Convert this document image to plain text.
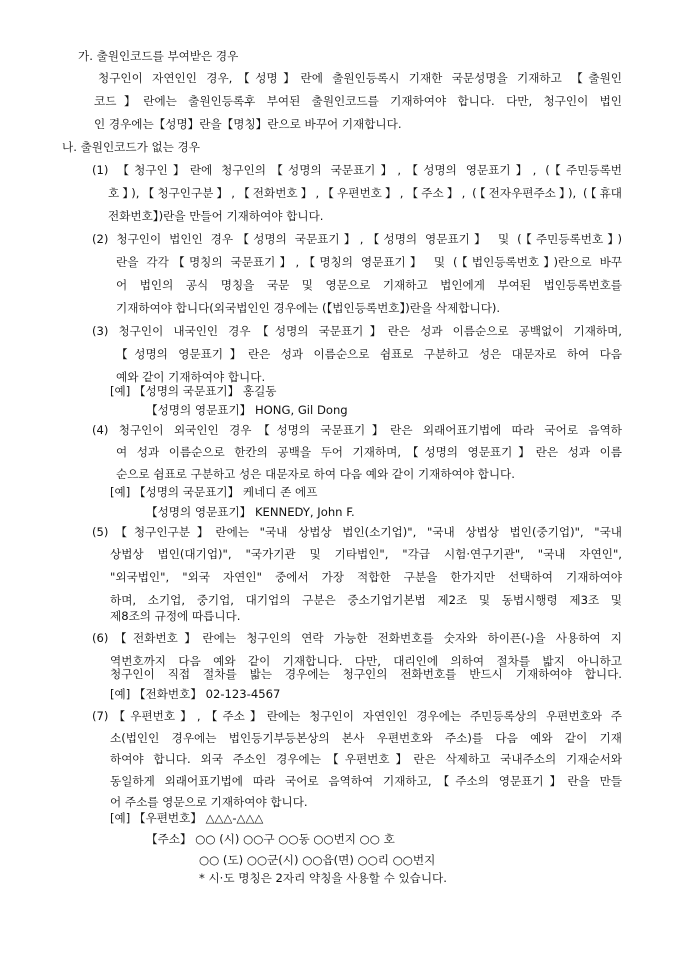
가. 출원인코드를 부여받은 경우
청구인이 자연인인 경우,【성명】란에 출원인등록시 기재한 국문성명을 기재하고 【출원인
코드】란에는 출원인등록후 부여된 출원인코드를 기재하여야 합니다. 다만, 청구인이 법인
인 경우에는【성명】란을【명칭】란으로 바꾸어 기재합니다.
나. 출원인코드가 없는 경우
(1) 【청구인】란에 청구인의【성명의 국문표기】,【성명의 영문표기】, (【주민등록번
호】),【청구인구분】,【전화번호】,【우편번호】,【주소】, (【전자우편주소】), (【휴대
전화번호】)란을 만들어 기재하여야 합니다.
(2) 청구인이 법인인 경우【성명의 국문표기】,【성명의 영문표기】 및 (【주민등록번호】)
란을 각각【명칭의 국문표기】,【명칭의 영문표기】 및 (【법인등록번호】)란으로 바꾸
어 법인의 공식 명칭을 국문 및 영문으로 기재하고 법인에게 부여된 법인등록번호를
기재하여야 합니다(외국법인인 경우에는 (【법인등록번호】)란을 삭제합니다).
(3) 청구인이 내국인인 경우【성명의 국문표기】란은 성과 이름순으로 공백없이 기재하며,
【성명의 영문표기】란은 성과 이름순으로 쉼표로 구분하고 성은 대문자로 하여 다음
예와 같이 기재하여야 합니다.
[예] 【성명의 국문표기】 홍길동
【성명의 영문표기】 HONG, Gil Dong
(4) 청구인이 외국인인 경우【성명의 국문표기】란은 외래어표기법에 따라 국어로 음역하
여 성과 이름순으로 한칸의 공백을 두어 기재하며,【성명의 영문표기】란은 성과 이름
순으로 쉼표로 구분하고 성은 대문자로 하여 다음 예와 같이 기재하여야 합니다.
[예] 【성명의 국문표기】 케네디 존 에프
【성명의 영문표기】 KENNEDY, John F.
(5)【청구인구분】란에는 "국내 상법상 법인(소기업)", "국내 상법상 법인(중기업)", "국내
상법상 법인(대기업)", "국가기관 및 기타법인", "각급 시험·연구기관", "국내 자연인",
"외국법인", "외국 자연인" 중에서 가장 적합한 구분을 한가지만 선택하여 기재하여야
하며, 소기업, 중기업, 대기업의 구분은 중소기업기본법 제2조 및 동법시행령 제3조 및
제8조의 규정에 따릅니다.
(6)【전화번호】란에는 청구인의 연락 가능한 전화번호를 숫자와 하이픈(-)을 사용하여 지
역번호까지 다음 예와 같이 기재합니다. 다만, 대리인에 의하여 절차를 밟지 아니하고
청구인이 직접 절차를 밟는 경우에는 청구인의 전화번호를 반드시 기재하여야 합니다.
[예] 【전화번호】 02-123-4567
(7)【우편번호】,【주소】란에는 청구인이 자연인인 경우에는 주민등록상의 우편번호와 주
소(법인인 경우에는 법인등기부등본상의 본사 우편번호와 주소)를 다음 예와 같이 기재
하여야 합니다. 외국 주소인 경우에는【우편번호】란은 삭제하고 국내주소의 기재순서와
동일하게 외래어표기법에 따라 국어로 음역하여 기재하고,【주소의 영문표기】란을 만들
어 주소를 영문으로 기재하여야 합니다.
[예] 【우편번호】 △△△-△△△
【주소】 ○○ (시) ○○구 ○○동 ○○번지 ○○ 호
○○ (도) ○○군(시) ○○읍(면) ○○리 ○○번지
* 시·도 명칭은 2자리 약칭을 사용할 수 있습니다.
